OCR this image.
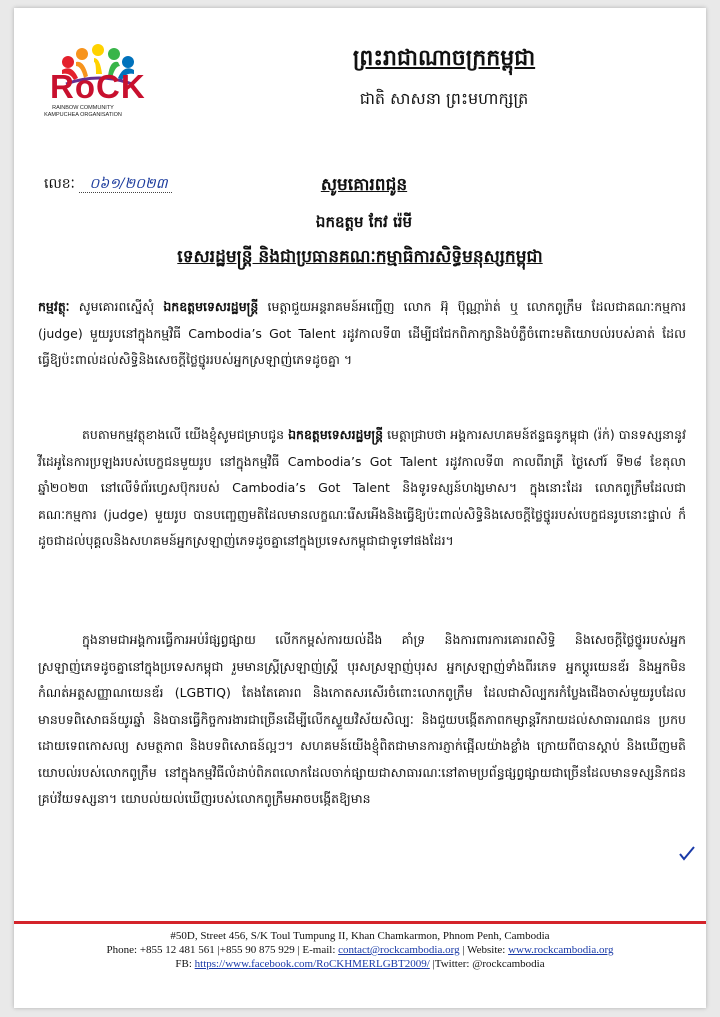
RoCK
RAINBOW COMMUNITY KAMPUCHEA ORGANISATION
ព្រះរាជាណាចក្រកម្ពុជា
ជាតិ សាសនា ព្រះមហាក្សត្រ
លេខៈ ០៦១/២០២៣	សូមគោរពជូន
ឯកឧត្តម កែវ រ៉េមី
ទេសរដ្ឋមន្ត្រី និងជាប្រធានគណៈកម្មាធិការសិទ្ធិមនុស្សកម្ពុជា
កម្មវត្ថុៈ សូមគោរពស្នើសុំ ឯកឧត្តមទេសរដ្ឋមន្ត្រី មេត្តាជួយអន្តរាគមន៍អញ្ជើញ លោក អ៊ុ ប៊ុណ្ណារ៉ាត់ ឬ លោកពូក្រឹម ដែលជាគណៈកម្មការ (judge) មួយរូបនៅក្នុងកម្មវិធី Cambodia’s Got Talent រដូវកាលទី៣ ដើម្បីជជែកពិភាក្សានិងបំភ្លឺចំពោះមតិយោបល់របស់គាត់ ដែលធ្វើឱ្យប៉ះពាល់ដល់សិទ្ធិនិងសេចក្តីថ្លៃថ្នូររបស់អ្នកស្រឡាញ់ភេទដូចគ្នា ។
តបតាមកម្មវត្ថុខាងលើ យើងខ្ញុំសូមជម្រាបជូន ឯកឧត្តមទេសរដ្ឋមន្ត្រី មេត្តាជ្រាបថា អង្គការសហគមន៍ឥន្ទធនូកម្ពុជា (រ៉ក់) បានទស្សនានូវវីដេអូនៃការប្រឡងរបស់បេក្ខជនមួយរូប នៅក្នុងកម្មវិធី Cambodia’s Got Talent រដូវកាលទី៣ កាលពីរាត្រី ថ្ងៃសៅរ៍ ទី២៨ ខែតុលា ឆ្នាំ២០២៣ នៅលើទំព័រហ្វេសប៊ុករបស់ Cambodia’s Got Talent និងទូរទស្សន៍ហង្សមាស។ ក្នុងនោះដែរ លោកពូក្រឹមដែលជាគណៈកម្មការ (judge) មួយរូប បានបញ្ចេញមតិដែលមានលក្ខណៈរើសអើងនិងធ្វើឱ្យប៉ះពាល់សិទ្ធិនិងសេចក្តីថ្លៃថ្នូររបស់បេក្ខជនរូបនោះផ្ទាល់ ក៏ដូចជាដល់បុគ្គលនិងសហគមន៍អ្នកស្រឡាញ់ភេទដូចគ្នានៅក្នុងប្រទេសកម្ពុជាជាទូទៅផងដែរ។
ក្នុងនាមជាអង្គការធ្វើការអប់រំផ្សព្វផ្សាយ លើកកម្ពស់ការយល់ដឹង គាំទ្រ និងការពារការគោរពសិទ្ធិ និងសេចក្តីថ្លៃថ្នូររបស់អ្នកស្រឡាញ់ភេទដូចគ្នានៅក្នុងប្រទេសកម្ពុជា រួមមានស្ត្រីស្រឡាញ់ស្ត្រី បុរសស្រឡាញ់បុរស អ្នកស្រឡាញ់ទាំងពីរភេទ អ្នកប្តូរយេនឌ័រ និងអ្នកមិនកំណត់អត្តសញ្ញាណយេនឌ័រ (LGBTIQ) តែងតែគោរព និងកោតសរសើរចំពោះលោកពូក្រឹម ដែលជាសិល្បករកំប្លែងជើងចាស់មួយរូបដែលមានបទពិសោធន៍យូរឆ្នាំ និងបានធ្វើកិច្ចការងារជាច្រើនដើម្បីលើកស្ទួយវិស័យសិល្បៈ និងជួយបង្កើតភាពកម្សាន្តរីករាយដល់សាធារណជន ប្រកបដោយទេពកោសល្យ សមត្ថភាព និងបទពិសោធន៍ល្អៗ។ សហគមន៍យើងខ្ញុំពិតជាមានការភ្ញាក់ផ្អើលយ៉ាងខ្លាំង ក្រោយពីបានស្តាប់ និងឃើញមតិយោបល់របស់លោកពូក្រឹម នៅក្នុងកម្មវិធីលំដាប់ពិភពលោកដែលចាក់ផ្សាយជាសាធារណៈនៅតាមប្រព័ន្ធផ្សព្វផ្សាយជាច្រើនដែលមានទស្សនិកជនគ្រប់វ័យទស្សនា។ យោបល់យល់ឃើញរបស់លោកពូក្រឹមអាចបង្កើតឱ្យមាន
#50D, Street 456, S/K Toul Tumpung II, Khan Chamkarmon, Phnom Penh, Cambodia
Phone: +855 12 481 561 |+855 90 875 929 | E-mail: contact@rockcambodia.org | Website: www.rockcambodia.org
FB: https://www.facebook.com/RoCKHMERLGBT2009/ |Twitter: @rockcambodia
